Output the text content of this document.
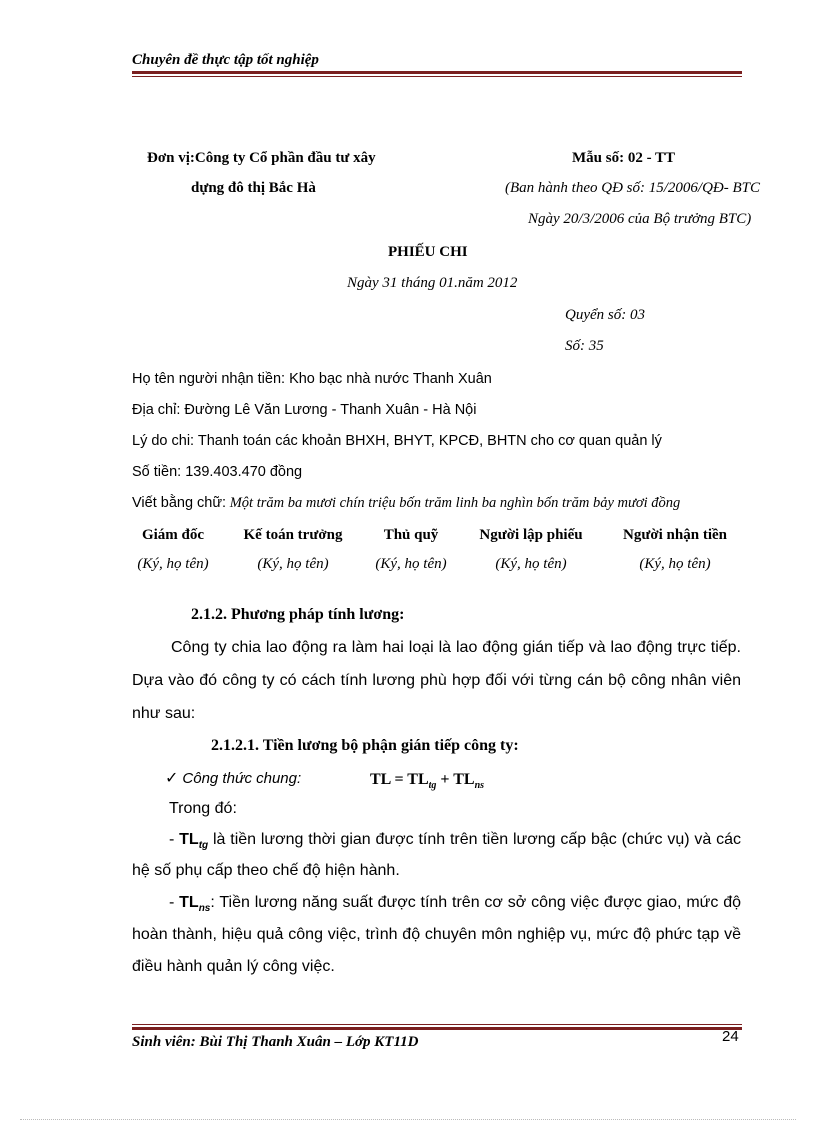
Chuyên đề thực tập tốt nghiệp
Đơn vị:Công ty Cổ phần đầu tư xây
dựng đô thị Bắc Hà
Mẫu số: 02 - TT
(Ban hành theo QĐ số: 15/2006/QĐ- BTC
Ngày 20/3/2006 của Bộ trưởng BTC)
PHIẾU CHI
Ngày 31 tháng 01.năm 2012
Quyển số: 03
Số: 35
Họ tên người nhận tiền: Kho bạc nhà nước Thanh Xuân
Địa chỉ: Đường Lê Văn Lương - Thanh Xuân - Hà Nội
Lý do chi: Thanh toán các khoản BHXH, BHYT, KPCĐ, BHTN cho cơ quan quản lý
Số tiền: 139.403.470 đồng
Viết bằng chữ: Một trăm ba mươi chín triệu bốn trăm linh ba nghìn bốn trăm bảy mươi đồng
Giám đốc
(Ký, họ tên)
Kế toán trưởng
(Ký, họ tên)
Thủ quỹ
(Ký, họ tên)
Người lập phiếu
(Ký, họ tên)
Người nhận tiền
(Ký, họ tên)
2.1.2. Phương pháp tính lương:
Công ty chia lao động ra làm hai loại là lao động gián tiếp và lao động trực tiếp.
Dựa vào đó công ty có cách tính lương phù hợp đối với từng cán bộ công nhân viên
như sau:
2.1.2.1. Tiền lương bộ phận gián tiếp công ty:
✓ Công thức chung:	TL = $TL_{tg} + TL_{ns}$
Trong đó:
- $TL_{tg}$ là tiền lương thời gian được tính trên tiền lương cấp bậc (chức vụ) và các
hệ số phụ cấp theo chế độ hiện hành.
- $TL_{ns}$: Tiền lương năng suất được tính trên cơ sở công việc được giao, mức độ
hoàn thành, hiệu quả công việc, trình độ chuyên môn nghiệp vụ, mức độ phức tạp về
điều hành quản lý công việc.
Sinh viên: Bùi Thị Thanh Xuân – Lớp KT11D	24
